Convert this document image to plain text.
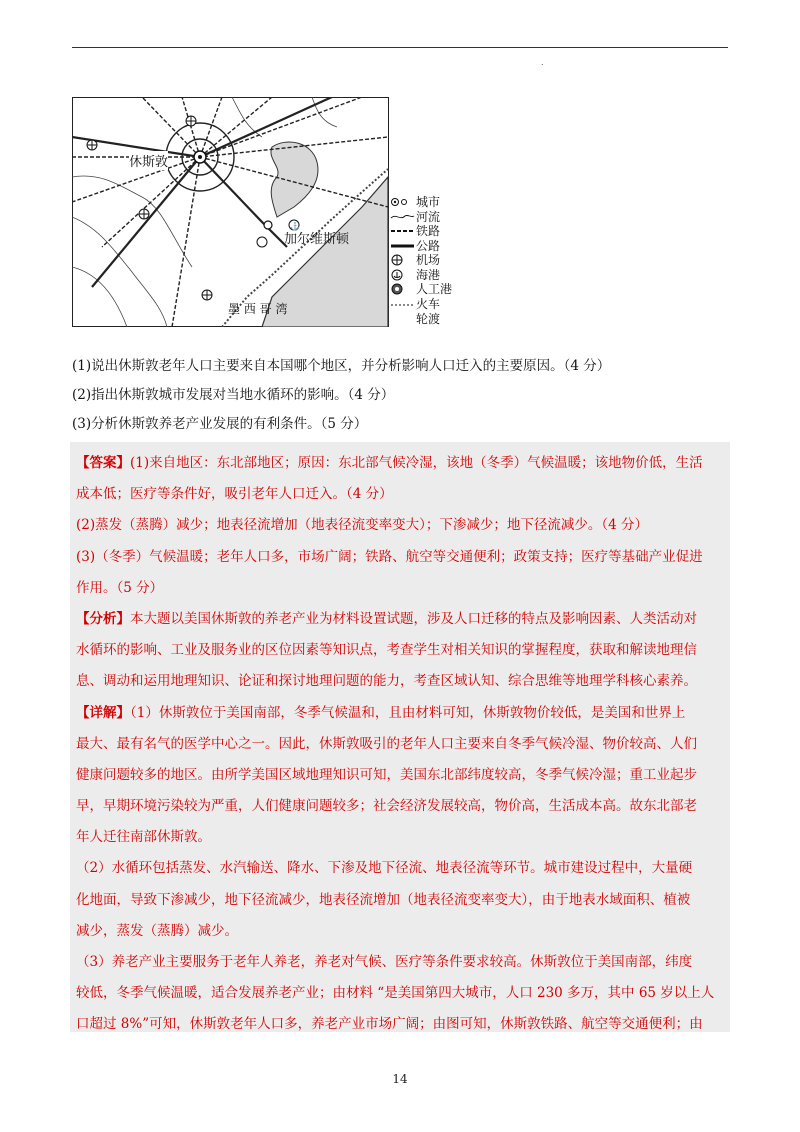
.
⚓
休斯敦
加尔维斯顿
墨 西 哥 湾
城市
河流
铁路
公路
机场
海港
人工港
火车轮渡
(1)说出休斯敦老年人口主要来自本国哪个地区，并分析影响人口迁入的主要原因。（4 分）
(2)指出休斯敦城市发展对当地水循环的影响。（4 分）
(3)分析休斯敦养老产业发展的有利条件。（5 分）
【答案】(1)来自地区：东北部地区；原因：东北部气候冷湿，该地（冬季）气候温暖；该地物价低，生活
成本低；医疗等条件好，吸引老年人口迁入。（4 分）
(2)蒸发（蒸腾）减少；地表径流增加（地表径流变率变大）；下渗减少；地下径流减少。（4 分）
(3)（冬季）气候温暖；老年人口多，市场广阔；铁路、航空等交通便利；政策支持；医疗等基础产业促进
作用。（5 分）
【分析】本大题以美国休斯敦的养老产业为材料设置试题，涉及人口迁移的特点及影响因素、人类活动对
水循环的影响、工业及服务业的区位因素等知识点，考查学生对相关知识的掌握程度，获取和解读地理信
息、调动和运用地理知识、论证和探讨地理问题的能力，考查区域认知、综合思维等地理学科核心素养。
【详解】（1）休斯敦位于美国南部，冬季气候温和，且由材料可知，休斯敦物价较低，是美国和世界上
最大、最有名气的医学中心之一。因此，休斯敦吸引的老年人口主要来自冬季气候冷湿、物价较高、人们
健康问题较多的地区。由所学美国区域地理知识可知，美国东北部纬度较高，冬季气候冷湿；重工业起步
早，早期环境污染较为严重，人们健康问题较多；社会经济发展较高，物价高，生活成本高。故东北部老
年人迁往南部休斯敦。
（2）水循环包括蒸发、水汽输送、降水、下渗及地下径流、地表径流等环节。城市建设过程中，大量硬
化地面，导致下渗减少，地下径流减少，地表径流增加（地表径流变率变大），由于地表水域面积、植被
减少，蒸发（蒸腾）减少。
（3）养老产业主要服务于老年人养老，养老对气候、医疗等条件要求较高。休斯敦位于美国南部，纬度
较低，冬季气候温暖，适合发展养老产业；由材料 “是美国第四大城市，人口 230 多万，其中 65 岁以上人
口超过 8%”可知，休斯敦老年人口多，养老产业市场广阔；由图可知，休斯敦铁路、航空等交通便利；由
14
